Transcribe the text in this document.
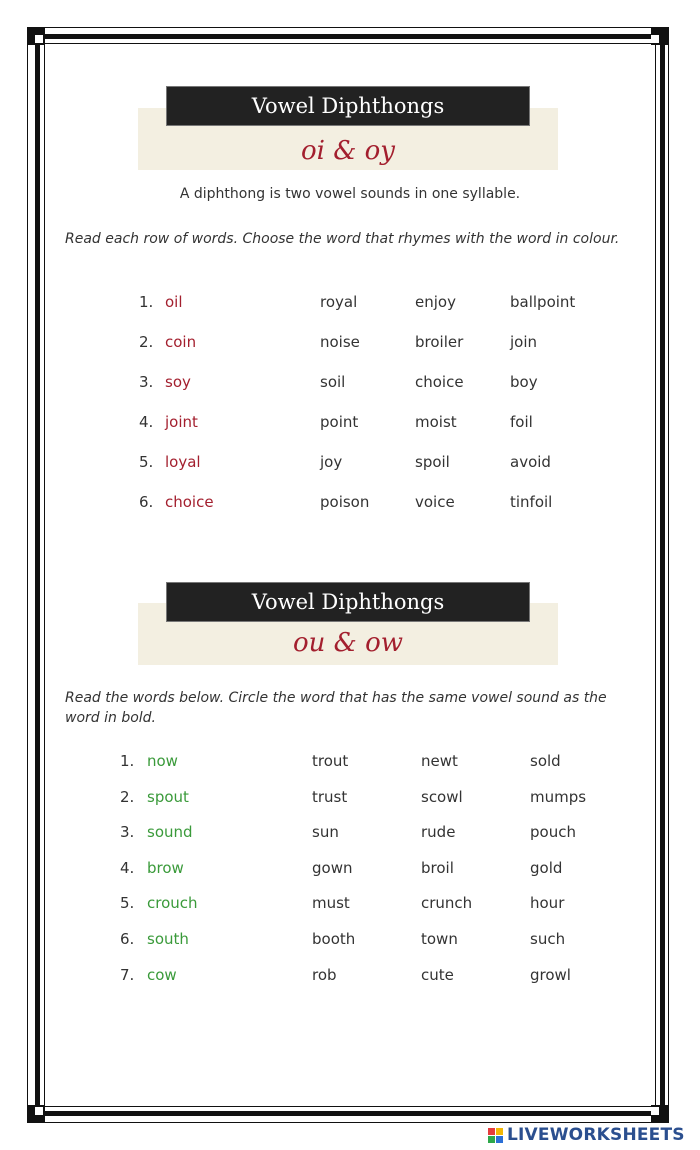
Vowel Diphthongs
oi & oy
A diphthong is two vowel sounds in one syllable.
Read each row of words. Choose the word that rhymes with the word in colour.
1. oil	royal	enjoy	ballpoint
2. coin	noise	broiler	join
3. soy	soil	choice	boy
4. joint	point	moist	foil
5. loyal	joy	spoil	avoid
6. choice	poison	voice	tinfoil
Vowel Diphthongs
ou & ow
Read the words below. Circle the word that has the same vowel sound as the word in bold.
1. now	trout	newt	sold
2. spout	trust	scowl	mumps
3. sound	sun	rude	pouch
4. brow	gown	broil	gold
5. crouch	must	crunch	hour
6. south	booth	town	such
7. cow	rob	cute	growl
LIVEWORKSHEETS
